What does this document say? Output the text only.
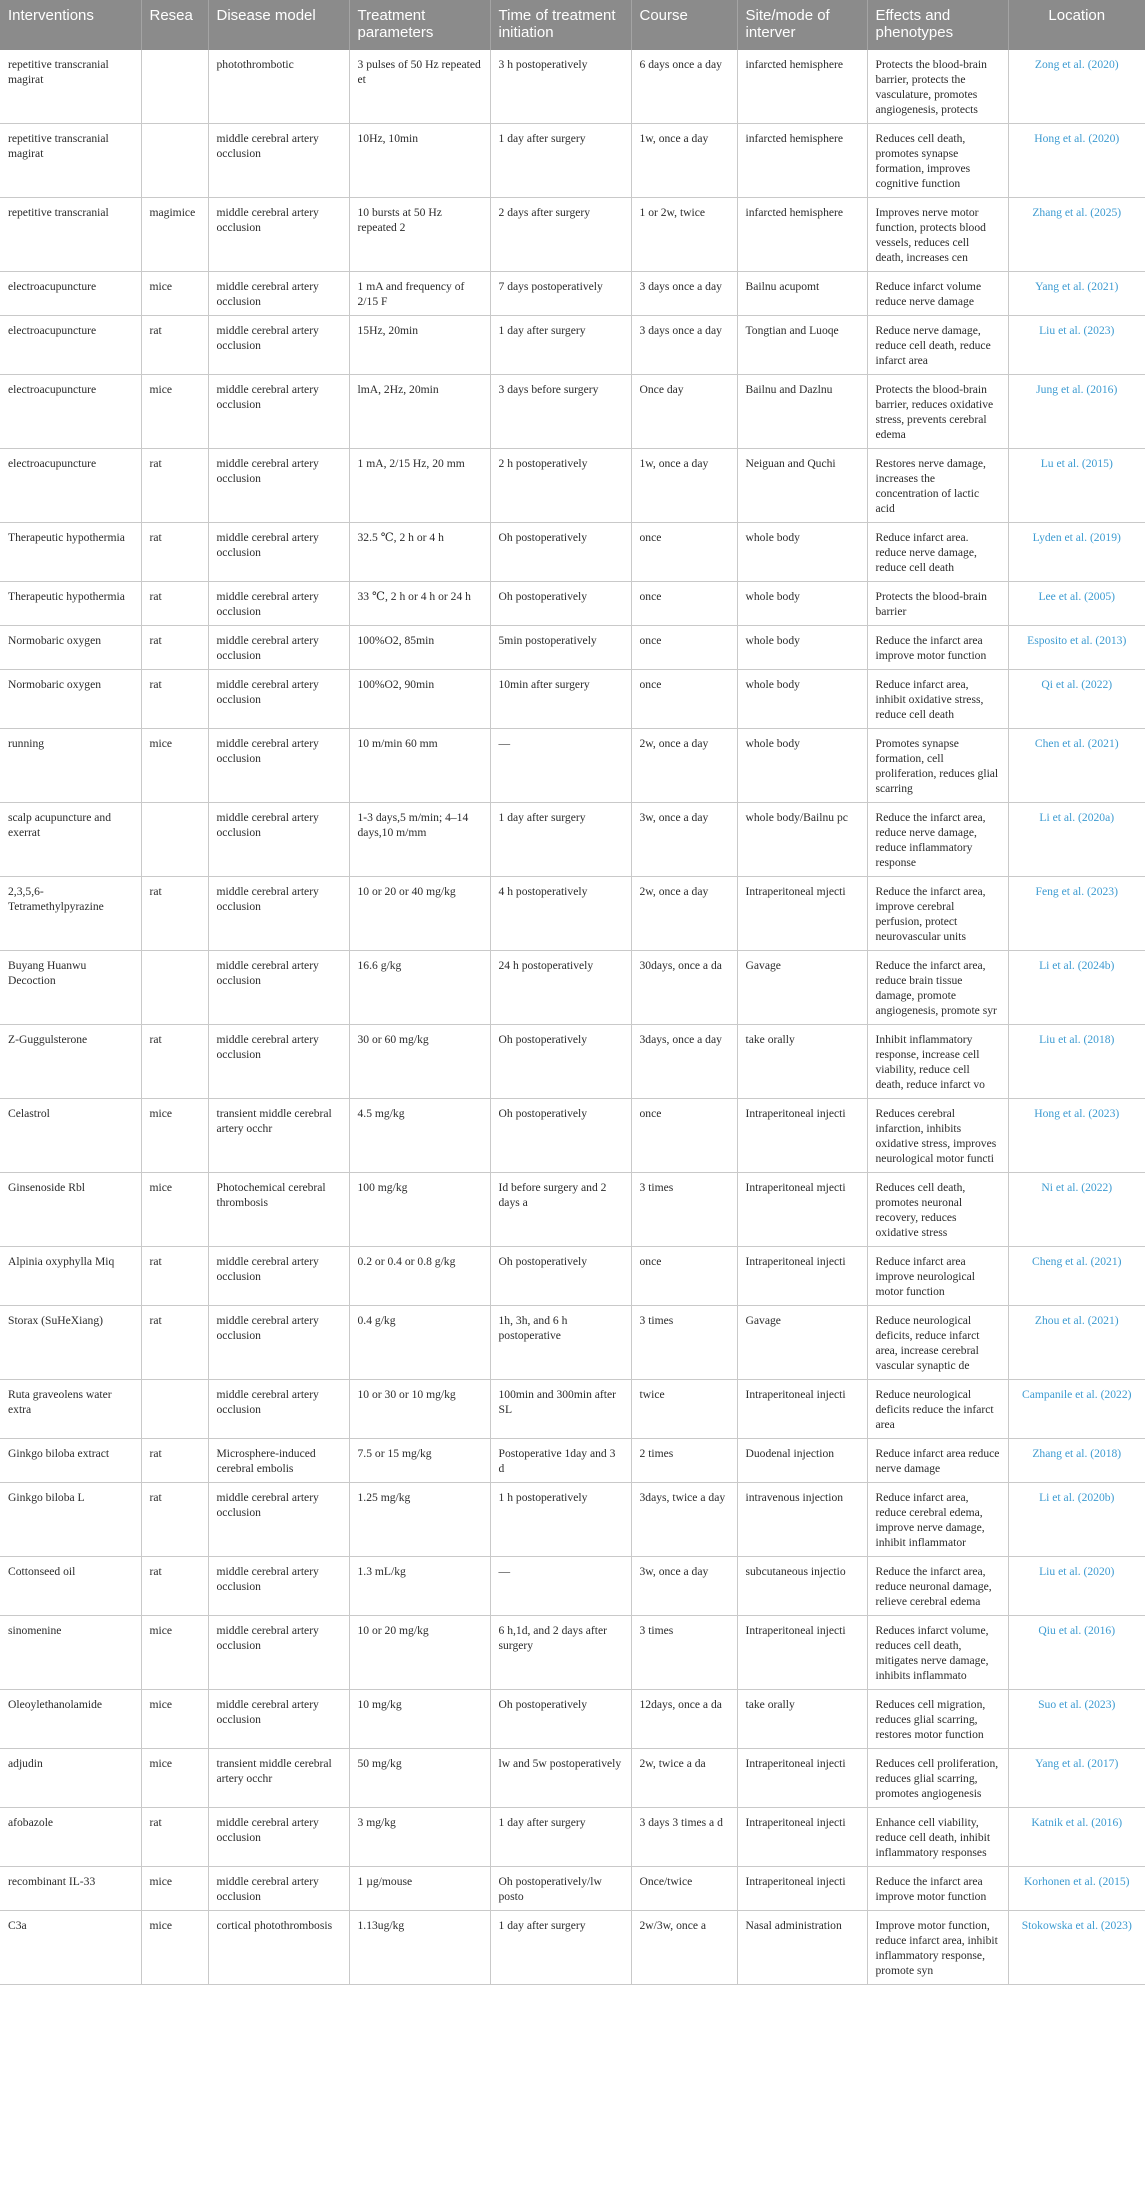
Interventions	Resea	Disease model	Treatment parameters	Time of treatment initiation	Course	Site/mode of interver	Effects and phenotypes	Location
repetitive transcranial magirat		photothrombotic	3 pulses of 50 Hz repeated et	3 h postoperatively	6 days once a day	infarcted hemisphere	Protects the blood-brain barrier, protects the vasculature, promotes angiogenesis, protects	Zong et al. (2020)
repetitive transcranial magirat		middle cerebral artery occlusion	10Hz, 10min	1 day after surgery	1w, once a day	infarcted hemisphere	Reduces cell death, promotes synapse formation, improves cognitive function	Hong et al. (2020)
repetitive transcranial	magimice	middle cerebral artery occlusion	10 bursts at 50 Hz repeated 2	2 days after surgery	1 or 2w, twice	infarcted hemisphere	Improves nerve motor function, protects blood vessels, reduces cell death, increases cen	Zhang et al. (2025)
electroacupuncture	mice	middle cerebral artery occlusion	1 mA and frequency of 2/15 F	7 days postoperatively	3 days once a day	Bailnu acupomt	Reduce infarct volume reduce nerve damage	Yang et al. (2021)
electroacupuncture	rat	middle cerebral artery occlusion	15Hz, 20min	1 day after surgery	3 days once a day	Tongtian and Luoqe	Reduce nerve damage, reduce cell death, reduce infarct area	Liu et al. (2023)
electroacupuncture	mice	middle cerebral artery occlusion	lmA, 2Hz, 20min	3 days before surgery	Once day	Bailnu and Dazlnu	Protects the blood-brain barrier, reduces oxidative stress, prevents cerebral edema	Jung et al. (2016)
electroacupuncture	rat	middle cerebral artery occlusion	1 mA, 2/15 Hz, 20 mm	2 h postoperatively	1w, once a day	Neiguan and Quchi	Restores nerve damage, increases the concentration of lactic acid	Lu et al. (2015)
Therapeutic hypothermia	rat	middle cerebral artery occlusion	32.5 ℃, 2 h or 4 h	Oh postoperatively	once	whole body	Reduce infarct area. reduce nerve damage, reduce cell death	Lyden et al. (2019)
Therapeutic hypothermia	rat	middle cerebral artery occlusion	33 ℃, 2 h or 4 h or 24 h	Oh postoperatively	once	whole body	Protects the blood-brain barrier	Lee et al. (2005)
Normobaric oxygen	rat	middle cerebral artery occlusion	100%O2, 85min	5min postoperatively	once	whole body	Reduce the infarct area improve motor function	Esposito et al. (2013)
Normobaric oxygen	rat	middle cerebral artery occlusion	100%O2, 90min	10min after surgery	once	whole body	Reduce infarct area, inhibit oxidative stress, reduce cell death	Qi et al. (2022)
running	mice	middle cerebral artery occlusion	10 m/min 60 mm	—	2w, once a day	whole body	Promotes synapse formation, cell proliferation, reduces glial scarring	Chen et al. (2021)
scalp acupuncture and exerrat		middle cerebral artery occlusion	1-3 days,5 m/min; 4–14 days,10 m/mm	1 day after surgery	3w, once a day	whole body/Bailnu pc	Reduce the infarct area, reduce nerve damage, reduce inflammatory response	Li et al. (2020a)
2,3,5,6-Tetramethylpyrazine	rat	middle cerebral artery occlusion	10 or 20 or 40 mg/kg	4 h postoperatively	2w, once a day	Intraperitoneal mjecti	Reduce the infarct area, improve cerebral perfusion, protect neurovascular units	Feng et al. (2023)
Buyang Huanwu Decoction		middle cerebral artery occlusion	16.6 g/kg	24 h postoperatively	30days, once a da	Gavage	Reduce the infarct area, reduce brain tissue damage, promote angiogenesis, promote syr	Li et al. (2024b)
Z-Guggulsterone	rat	middle cerebral artery occlusion	30 or 60 mg/kg	Oh postoperatively	3days, once a day	take orally	Inhibit inflammatory response, increase cell viability, reduce cell death, reduce infarct vo	Liu et al. (2018)
Celastrol	mice	transient middle cerebral artery occhr	4.5 mg/kg	Oh postoperatively	once	Intraperitoneal injecti	Reduces cerebral infarction, inhibits oxidative stress, improves neurological motor functi	Hong et al. (2023)
Ginsenoside Rbl	mice	Photochemical cerebral thrombosis	100 mg/kg	Id before surgery and 2 days a	3 times	Intraperitoneal mjecti	Reduces cell death, promotes neuronal recovery, reduces oxidative stress	Ni et al. (2022)
Alpinia oxyphylla Miq	rat	middle cerebral artery occlusion	0.2 or 0.4 or 0.8 g/kg	Oh postoperatively	once	Intraperitoneal injecti	Reduce infarct area improve neurological motor function	Cheng et al. (2021)
Storax (SuHeXiang)	rat	middle cerebral artery occlusion	0.4 g/kg	1h, 3h, and 6 h postoperative	3 times	Gavage	Reduce neurological deficits, reduce infarct area, increase cerebral vascular synaptic de	Zhou et al. (2021)
Ruta graveolens water extra		middle cerebral artery occlusion	10 or 30 or 10 mg/kg	100min and 300min after SL	twice	Intraperitoneal injecti	Reduce neurological deficits reduce the infarct area	Campanile et al. (2022)
Ginkgo biloba extract	rat	Microsphere-induced cerebral embolis	7.5 or 15 mg/kg	Postoperative 1day and 3 d	2 times	Duodenal injection	Reduce infarct area reduce nerve damage	Zhang et al. (2018)
Ginkgo biloba L	rat	middle cerebral artery occlusion	1.25 mg/kg	1 h postoperatively	3days, twice a day	intravenous injection	Reduce infarct area, reduce cerebral edema, improve nerve damage, inhibit inflammator	Li et al. (2020b)
Cottonseed oil	rat	middle cerebral artery occlusion	1.3 mL/kg	—	3w, once a day	subcutaneous injectio	Reduce the infarct area, reduce neuronal damage, relieve cerebral edema	Liu et al. (2020)
sinomenine	mice	middle cerebral artery occlusion	10 or 20 mg/kg	6 h,1d, and 2 days after surgery	3 times	Intraperitoneal injecti	Reduces infarct volume, reduces cell death, mitigates nerve damage, inhibits inflammato	Qiu et al. (2016)
Oleoylethanolamide	mice	middle cerebral artery occlusion	10 mg/kg	Oh postoperatively	12days, once a da	take orally	Reduces cell migration, reduces glial scarring, restores motor function	Suo et al. (2023)
adjudin	mice	transient middle cerebral artery occhr	50 mg/kg	lw and 5w postoperatively	2w, twice a da	Intraperitoneal injecti	Reduces cell proliferation, reduces glial scarring, promotes angiogenesis	Yang et al. (2017)
afobazole	rat	middle cerebral artery occlusion	3 mg/kg	1 day after surgery	3 days 3 times a d	Intraperitoneal injecti	Enhance cell viability, reduce cell death, inhibit inflammatory responses	Katnik et al. (2016)
recombinant IL-33	mice	middle cerebral artery occlusion	1 µg/mouse	Oh postoperatively/lw posto	Once/twice	Intraperitoneal injecti	Reduce the infarct area improve motor function	Korhonen et al. (2015)
C3a	mice	cortical photothrombosis	1.13ug/kg	1 day after surgery	2w/3w, once a	Nasal administration	Improve motor function, reduce infarct area, inhibit inflammatory response, promote syn	Stokowska et al. (2023)
